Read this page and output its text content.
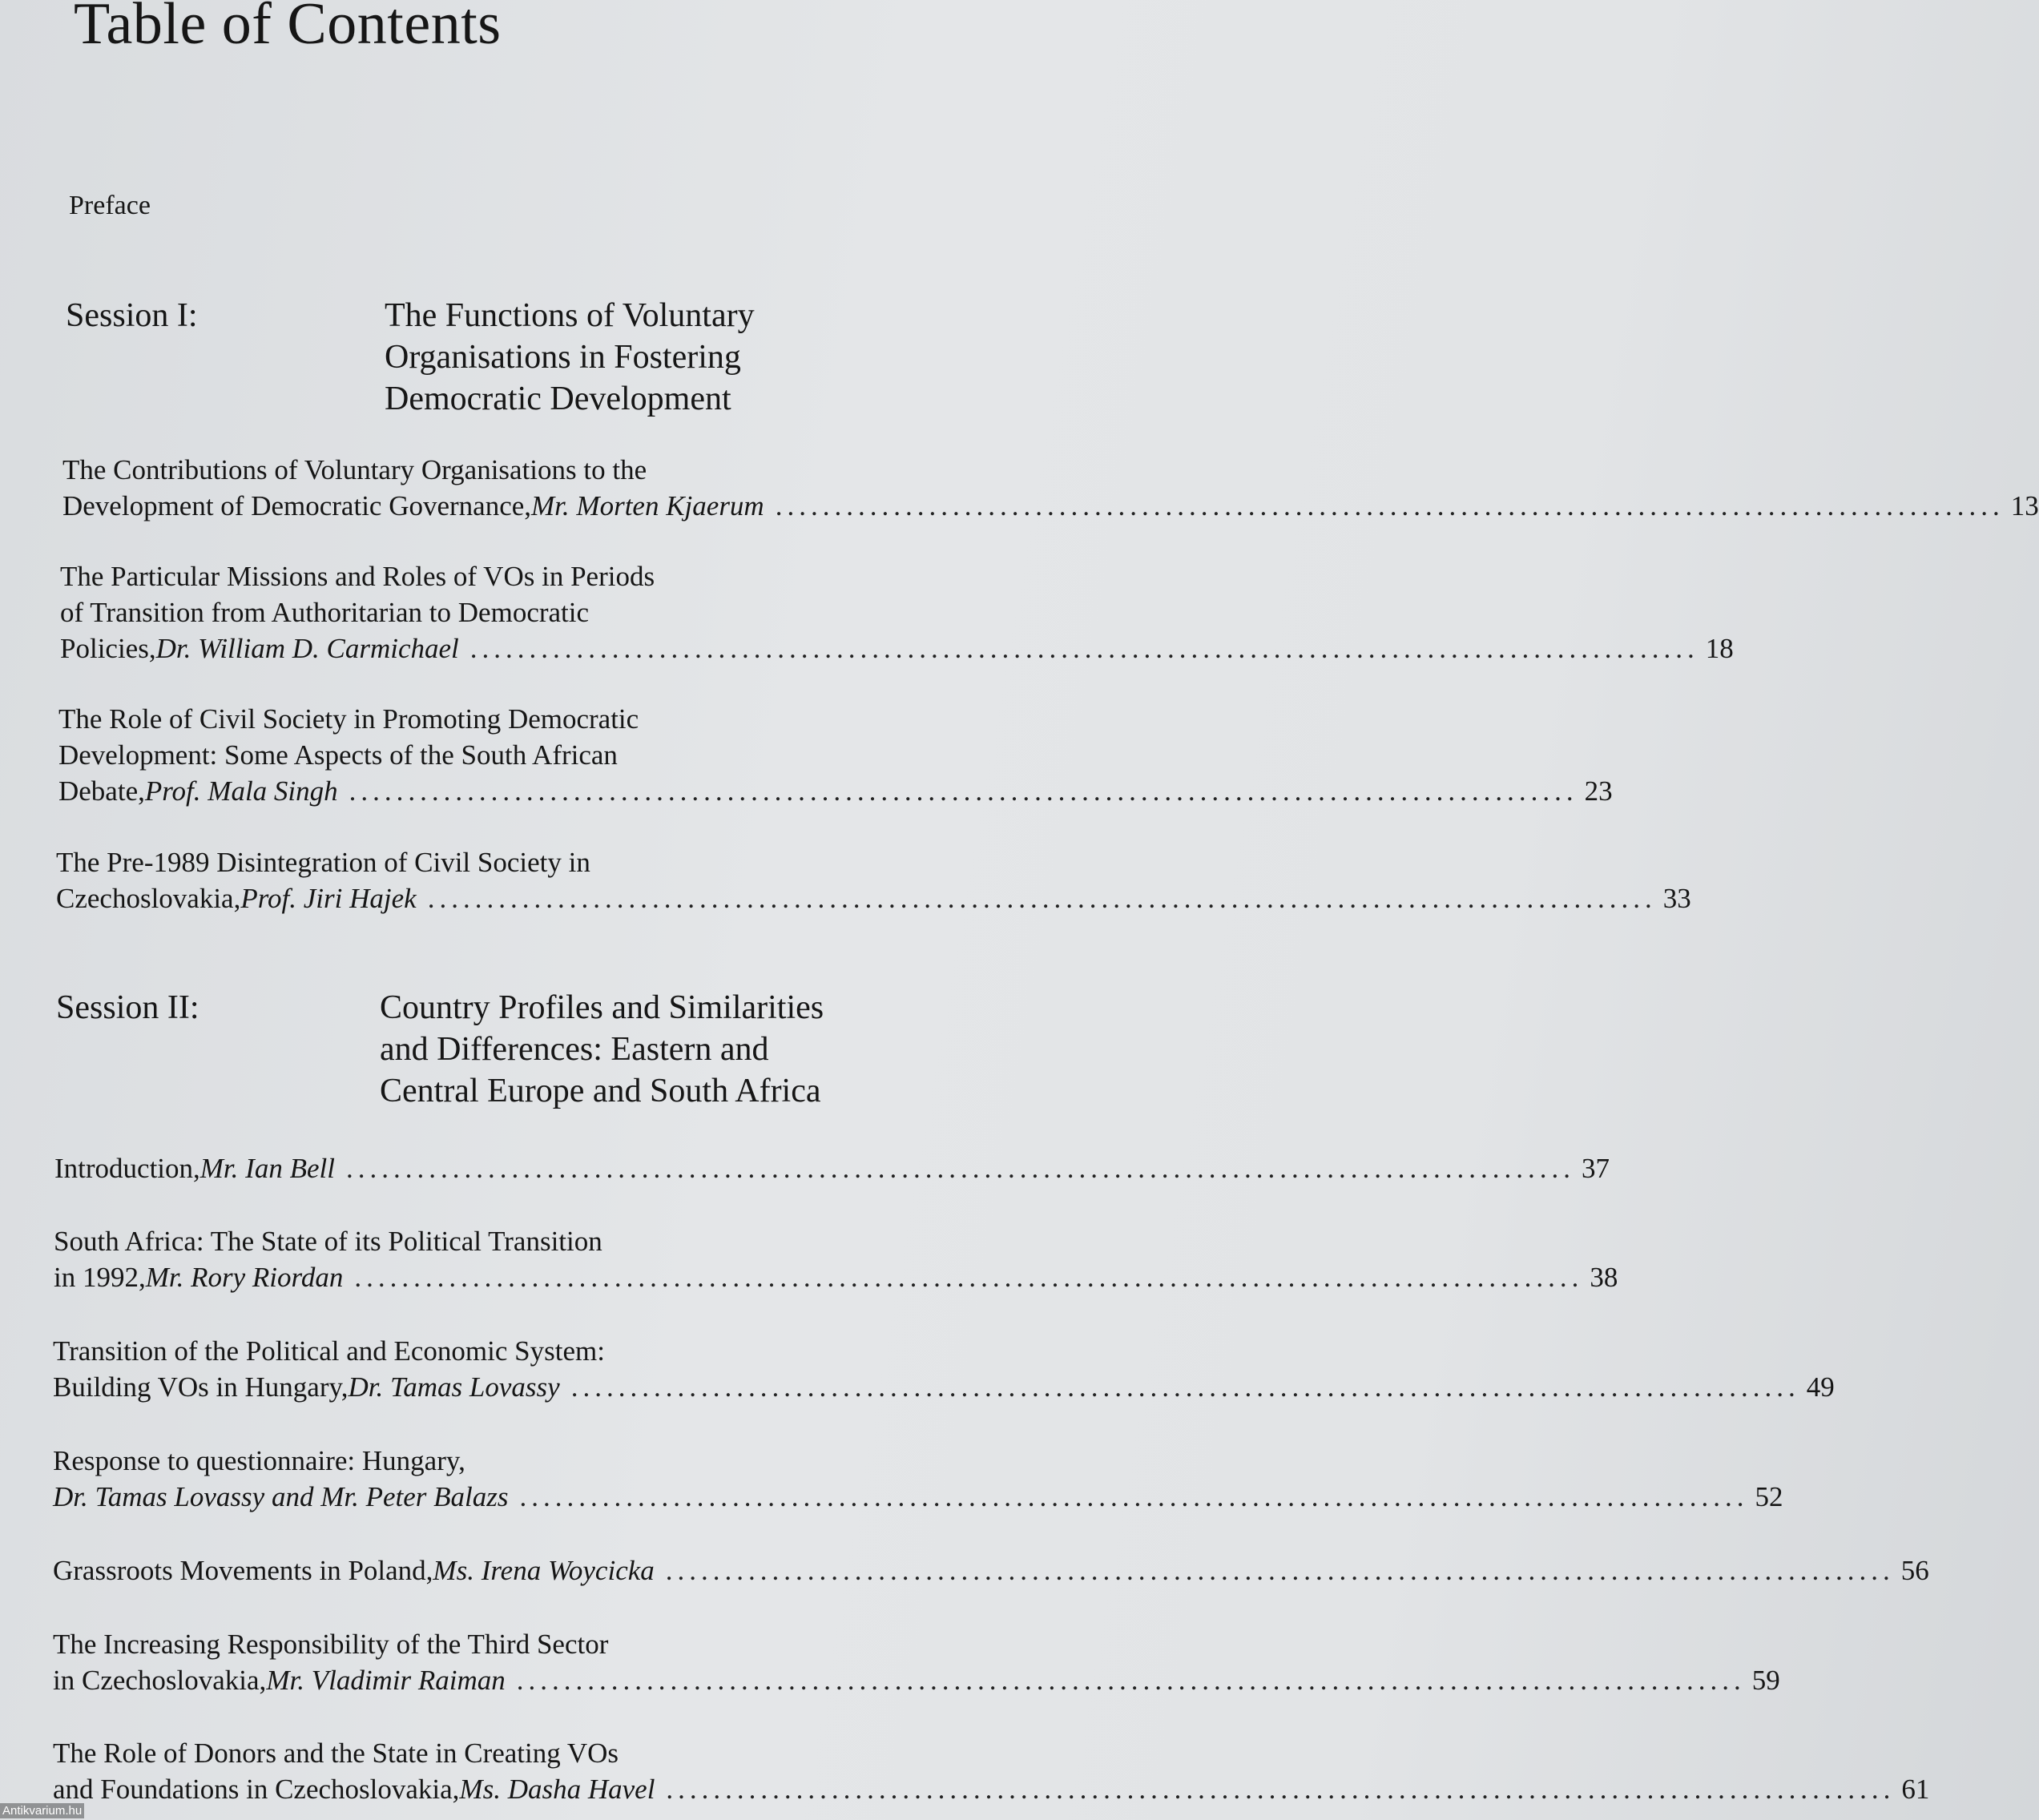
Table of Contents
Preface
Session I:	The Functions of Voluntary
Organisations in Fostering
Democratic Development
Session II:	Country Profiles and Similarities
and Differences: Eastern and
Central Europe and South Africa
The Contributions of Voluntary Organisations to the
Development of Democratic Governance, Mr. Morten Kjaerum ........................................................................................................ 13
The Particular Missions and Roles of VOs in Periods
of Transition from Authoritarian to Democratic
Policies, Dr. William D. Carmichael ........................................................................................................ 18
The Role of Civil Society in Promoting Democratic
Development: Some Aspects of the South African
Debate, Prof. Mala Singh ........................................................................................................ 23
The Pre-1989 Disintegration of Civil Society in
Czechoslovakia, Prof. Jiri Hajek ........................................................................................................ 33
Introduction, Mr. Ian Bell ........................................................................................................ 37
South Africa: The State of its Political Transition
in 1992, Mr. Rory Riordan ........................................................................................................ 38
Transition of the Political and Economic System:
Building VOs in Hungary, Dr. Tamas Lovassy ........................................................................................................ 49
Response to questionnaire: Hungary,
Dr. Tamas Lovassy and Mr. Peter Balazs ........................................................................................................ 52
Grassroots Movements in Poland, Ms. Irena Woycicka ........................................................................................................ 56
The Increasing Responsibility of the Third Sector
in Czechoslovakia, Mr. Vladimir Raiman ........................................................................................................ 59
The Role of Donors and the State in Creating VOs
and Foundations in Czechoslovakia, Ms. Dasha Havel ........................................................................................................ 61
Antikvarium.hu
